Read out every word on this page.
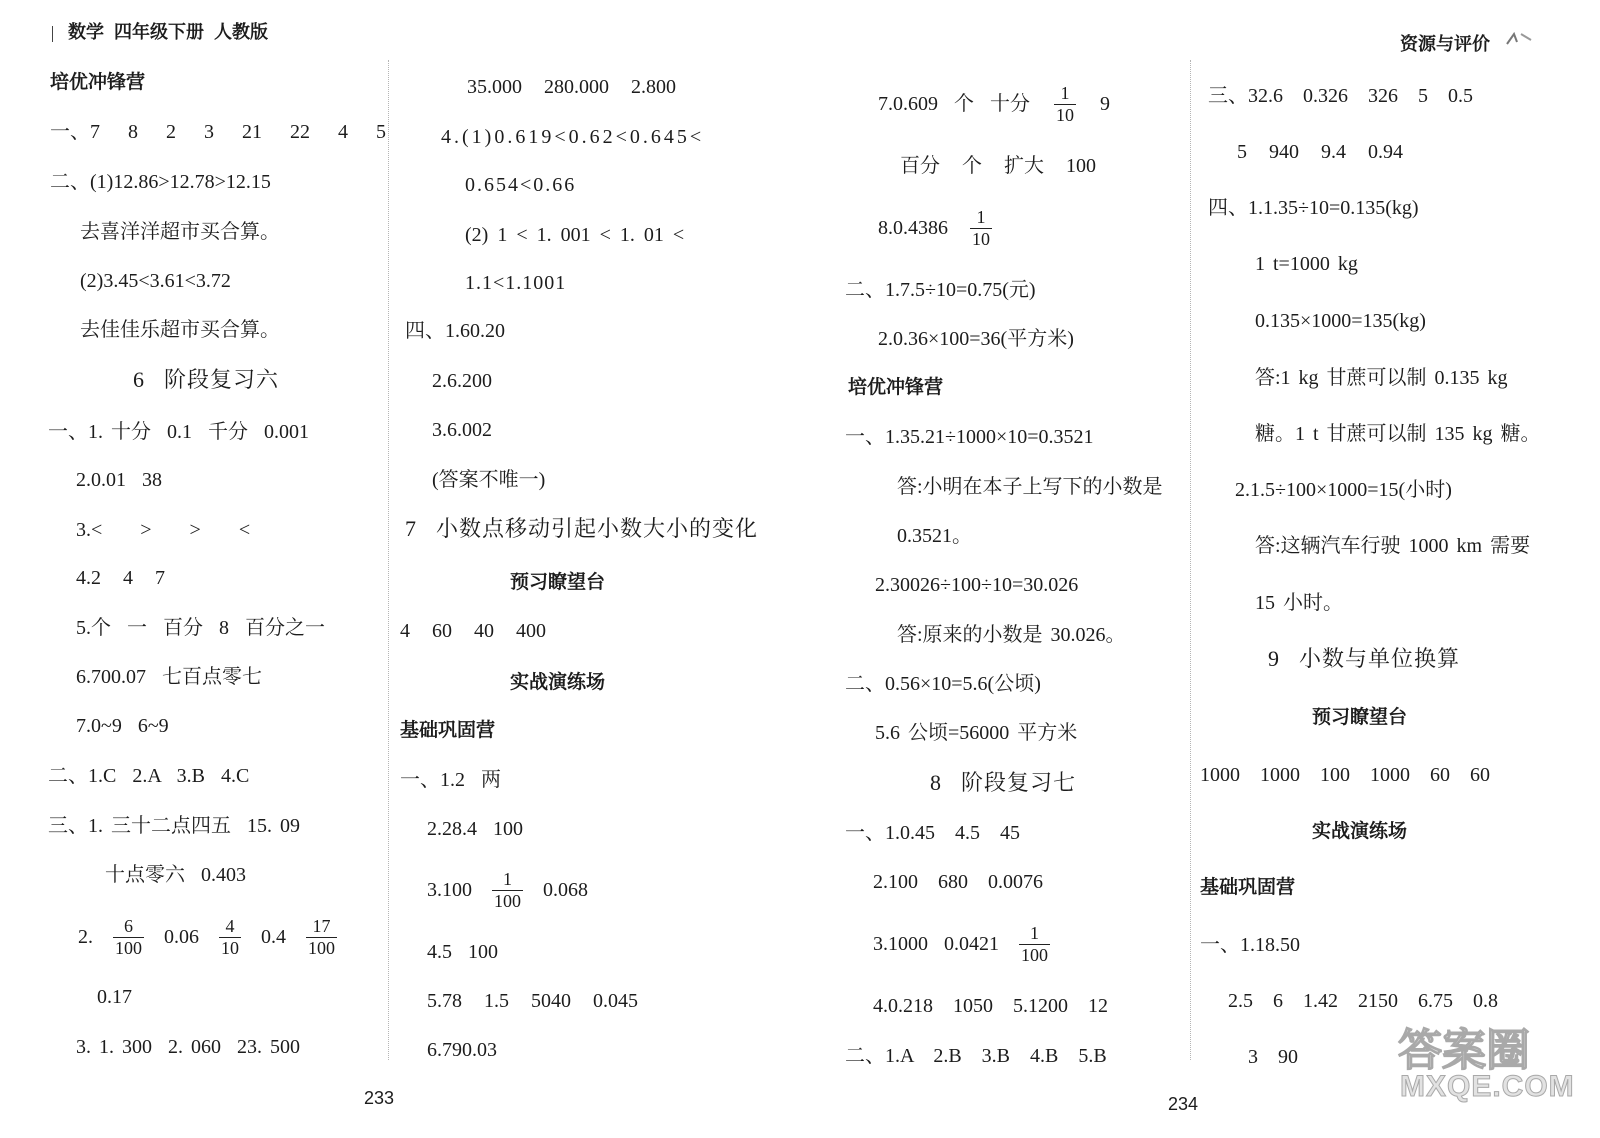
数学  四年级下册  人教版
资源与评价
培优冲锋营
一、7  8  2  3  21  22  4  5
二、(1)12.86>12.78>12.15
去喜洋洋超市买合算。
(2)3.45<3.61<3.72
去佳佳乐超市买合算。
6  阶段复习六
一、1. 十分  0.1  千分  0.001
2.0.01  38
3.<  >  >  <
4.2  4  7
5.个  一  百分  8  百分之一
6.700.07  七百点零七
7.0~9  6~9
二、1.C  2.A  3.B  4.C
三、1. 三十二点四五  15. 09
十点零六  0.403
2. $\frac{6}{100} 0.06 \frac{4}{10} 0.4 \frac{17}{100}$
0.17
3. 1. 300  2. 060  23. 500
35.000  280.000  2.800
4.(1)0.619<0.62<0.645<
0.654<0.66
(2) 1 < 1. 001 < 1. 01 <
1.1<1.1001
四、1.60.20
2.6.200
3.6.002
(答案不唯一)
7  小数点移动引起小数大小的变化
预习瞭望台
4  60  40  400
实战演练场
基础巩固营
一、1.2  两
2.28.4  100
$3.100 \frac{1}{100} 0.068$
4.5  100
5.78  1.5  5040  0.045
6.790.03
7.0.609  个  十分 $\frac{1}{10} 9$
百分  个  扩大  100
$8.0.4386 \frac{1}{10}$
二、1.7.5÷10=0.75(元)
2.0.36×100=36(平方米)
培优冲锋营
一、1.35.21÷1000×10=0.3521
答:小明在本子上写下的小数是
0.3521。
2.30026÷100÷10=30.026
答:原来的小数是 30.026。
二、0.56×10=5.6(公顷)
5.6 公顷=56000 平方米
8  阶段复习七
一、1.0.45  4.5  45
2.100  680  0.0076
3.1000  $0.0421 \frac{1}{100}$
4.0.218  1050  5.1200  12
二、1.A  2.B  3.B  4.B  5.B
三、32.6  0.326  326  5  0.5
5  940  9.4  0.94
四、1.1.35÷10=0.135(kg)
1 t=1000 kg
0.135×1000=135(kg)
答:1 kg 甘蔗可以制 0.135 kg
糖。1 t 甘蔗可以制 135 kg 糖。
2.1.5÷100×1000=15(小时)
答:这辆汽车行驶 1000 km 需要
15 小时。
9  小数与单位换算
预习瞭望台
1000  1000  100  1000  60  60
实战演练场
基础巩固营
一、1.18.50
2.5  6  1.42  2150  6.75  0.8
3  90
233	234
答案圈
MXQE.COM
